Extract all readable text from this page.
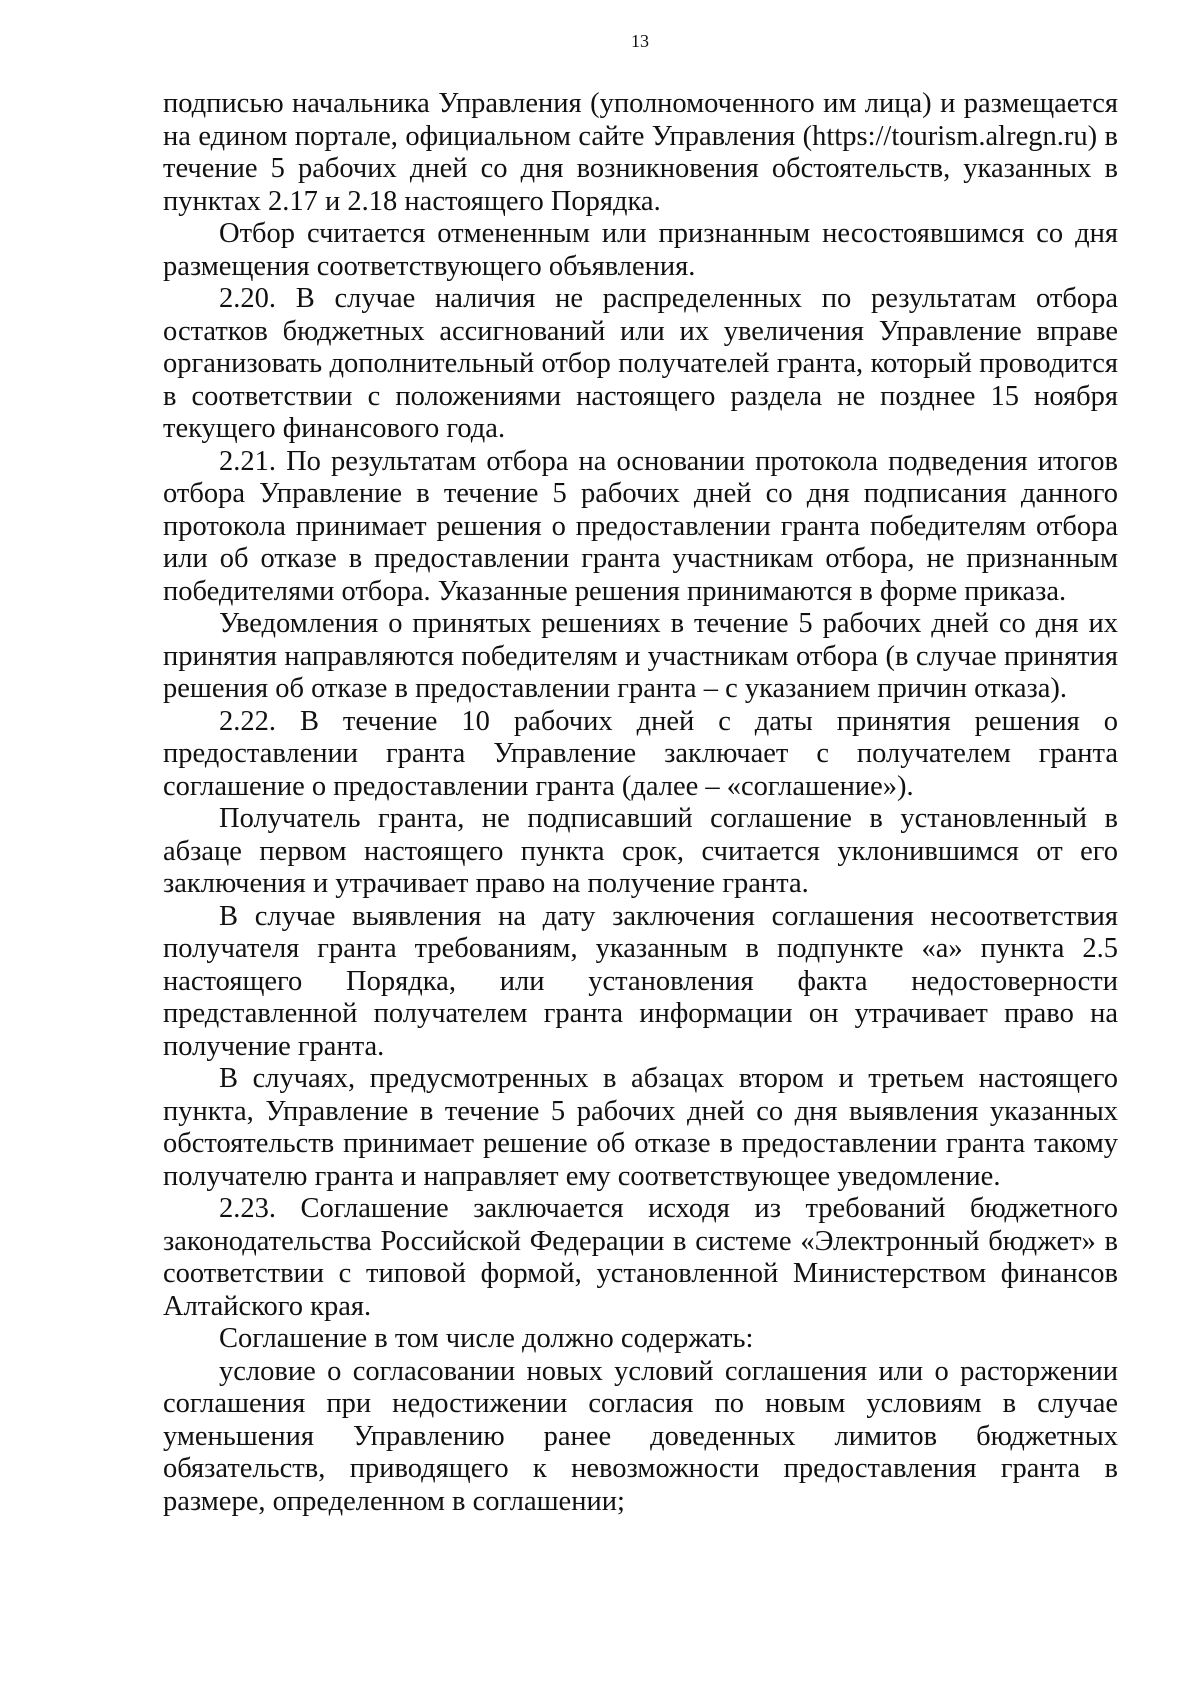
13

подписью начальника Управления (уполномоченного им лица) и размещается на едином портале, официальном сайте Управления (https://tourism.alregn.ru) в течение 5 рабочих дней со дня возникновения обстоятельств, указанных в пунктах 2.17 и 2.18 настоящего Порядка.

Отбор считается отмененным или признанным несостоявшимся со дня размещения соответствующего объявления.

2.20. В случае наличия не распределенных по результатам отбора остатков бюджетных ассигнований или их увеличения Управление вправе организовать дополнительный отбор получателей гранта, который проводится в соответствии с положениями настоящего раздела не позднее 15 ноября текущего финансового года.

2.21. По результатам отбора на основании протокола подведения итогов отбора Управление в течение 5 рабочих дней со дня подписания данного протокола принимает решения о предоставлении гранта победителям отбора или об отказе в предоставлении гранта участникам отбора, не признанным победителями отбора. Указанные решения принимаются в форме приказа.

Уведомления о принятых решениях в течение 5 рабочих дней со дня их принятия направляются победителям и участникам отбора (в случае принятия решения об отказе в предоставлении гранта – с указанием причин отказа).

2.22. В течение 10 рабочих дней с даты принятия решения о предоставлении гранта Управление заключает с получателем гранта соглашение о предоставлении гранта (далее – «соглашение»).

Получатель гранта, не подписавший соглашение в установленный в абзаце первом настоящего пункта срок, считается уклонившимся от его заключения и утрачивает право на получение гранта.

В случае выявления на дату заключения соглашения несоответствия получателя гранта требованиям, указанным в подпункте «а» пункта 2.5 настоящего Порядка, или установления факта недостоверности представленной получателем гранта информации он утрачивает право на получение гранта.

В случаях, предусмотренных в абзацах втором и третьем настоящего пункта, Управление в течение 5 рабочих дней со дня выявления указанных обстоятельств принимает решение об отказе в предоставлении гранта такому получателю гранта и направляет ему соответствующее уведомление.

2.23. Соглашение заключается исходя из требований бюджетного законодательства Российской Федерации в системе «Электронный бюджет» в соответствии с типовой формой, установленной Министерством финансов Алтайского края.

Соглашение в том числе должно содержать:

условие о согласовании новых условий соглашения или о расторжении соглашения при недостижении согласия по новым условиям в случае уменьшения Управлению ранее доведенных лимитов бюджетных обязательств, приводящего к невозможности предоставления гранта в размере, определенном в соглашении;
